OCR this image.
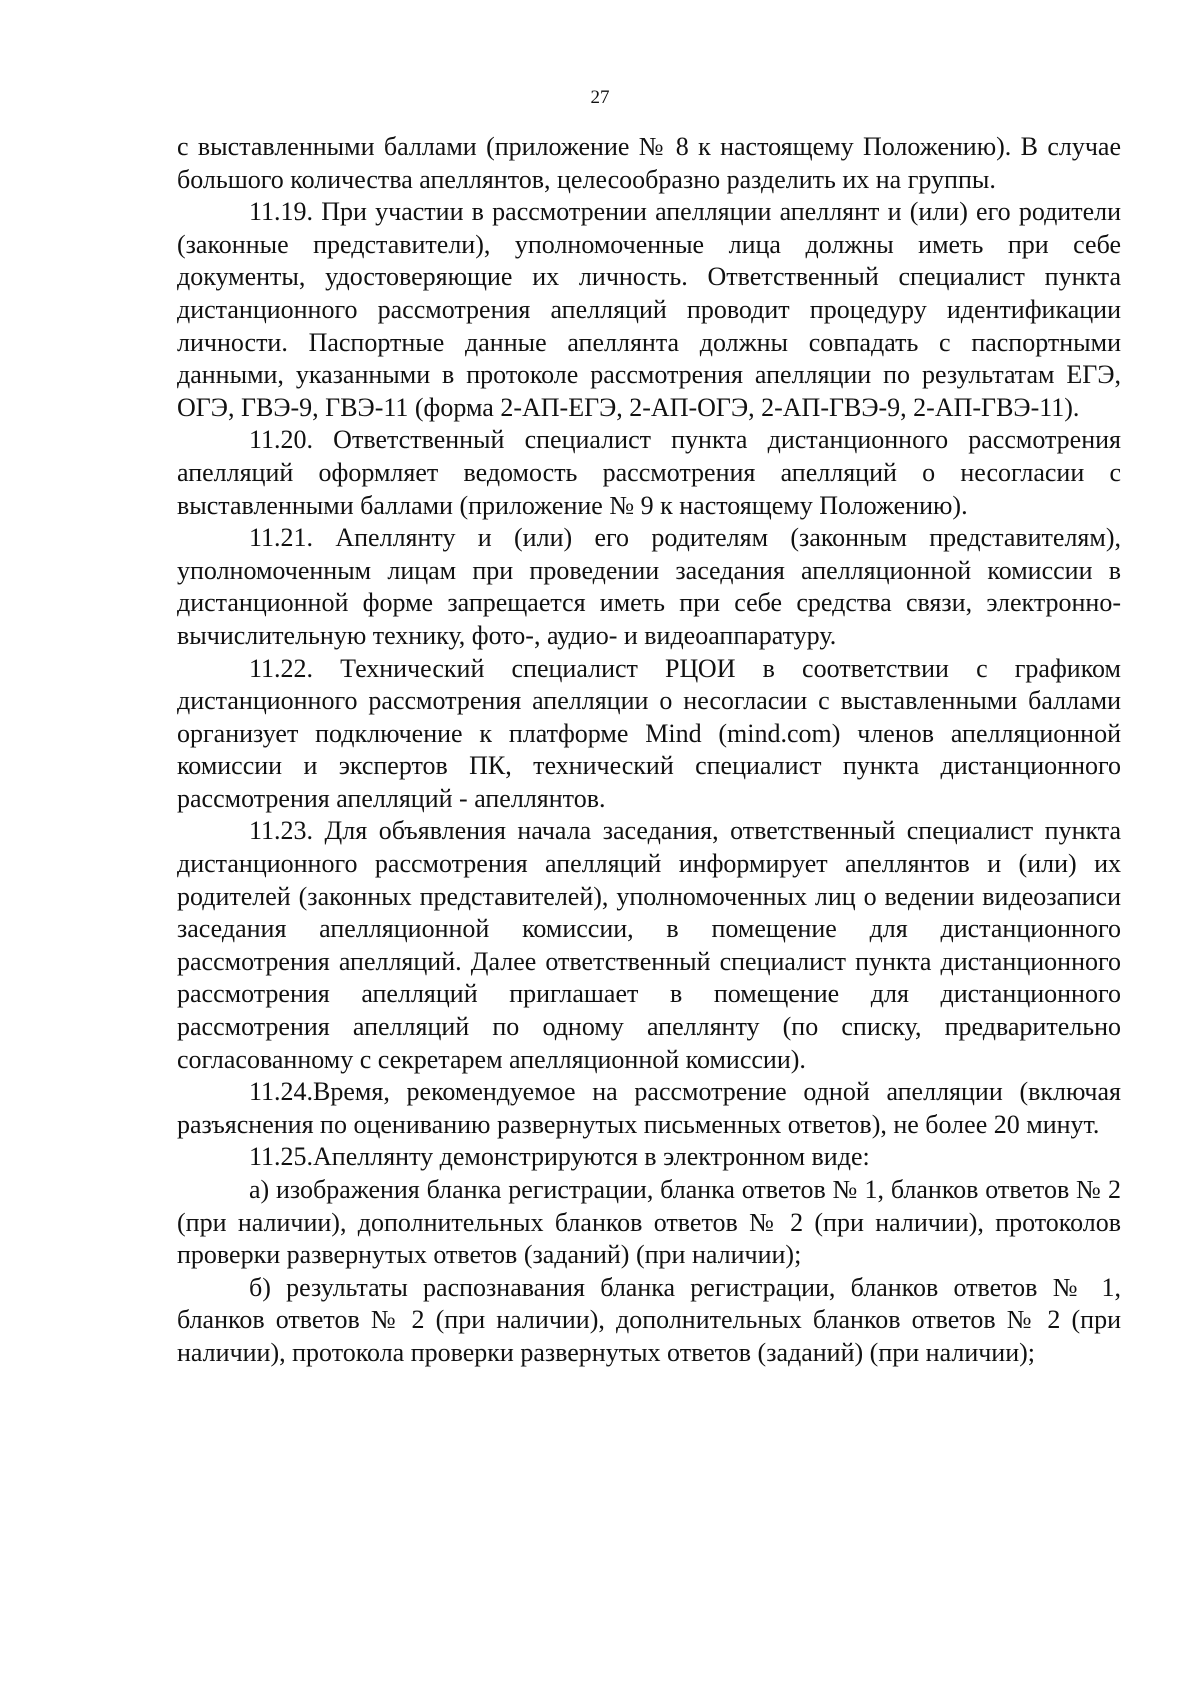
27

с выставленными баллами (приложение № 8 к настоящему Положению). В случае большого количества апеллянтов, целесообразно разделить их на группы.

11.19. При участии в рассмотрении апелляции апеллянт и (или) его родители (законные представители), уполномоченные лица должны иметь при себе документы, удостоверяющие их личность. Ответственный специалист пункта дистанционного рассмотрения апелляций проводит процедуру идентификации личности. Паспортные данные апеллянта должны совпадать с паспортными данными, указанными в протоколе рассмотрения апелляции по результатам ЕГЭ, ОГЭ, ГВЭ-9, ГВЭ-11 (форма 2-АП-ЕГЭ, 2-АП-ОГЭ, 2-АП-ГВЭ-9, 2-АП-ГВЭ-11).

11.20. Ответственный специалист пункта дистанционного рассмотрения апелляций оформляет ведомость рассмотрения апелляций о несогласии с выставленными баллами (приложение № 9 к настоящему Положению).

11.21. Апеллянту и (или) его родителям (законным представителям), уполномоченным лицам при проведении заседания апелляционной комиссии в дистанционной форме запрещается иметь при себе средства связи, электронно-вычислительную технику, фото-, аудио- и видеоаппаратуру.

11.22. Технический специалист РЦОИ в соответствии с графиком дистанционного рассмотрения апелляции о несогласии с выставленными баллами организует подключение к платформе Mind (mind.com) членов апелляционной комиссии и экспертов ПК, технический специалист пункта дистанционного рассмотрения апелляций - апеллянтов.

11.23. Для объявления начала заседания, ответственный специалист пункта дистанционного рассмотрения апелляций информирует апеллянтов и (или) их родителей (законных представителей), уполномоченных лиц о ведении видеозаписи заседания апелляционной комиссии, в помещение для дистанционного рассмотрения апелляций. Далее ответственный специалист пункта дистанционного рассмотрения апелляций приглашает в помещение для дистанционного рассмотрения апелляций по одному апеллянту (по списку, предварительно согласованному с секретарем апелляционной комиссии).

11.24.Время, рекомендуемое на рассмотрение одной апелляции (включая разъяснения по оцениванию развернутых письменных ответов), не более 20 минут.

11.25.Апеллянту демонстрируются в электронном виде:

а) изображения бланка регистрации, бланка ответов № 1, бланков ответов № 2 (при наличии), дополнительных бланков ответов № 2 (при наличии), протоколов проверки развернутых ответов (заданий) (при наличии);

б) результаты распознавания бланка регистрации, бланков ответов № 1, бланков ответов № 2 (при наличии), дополнительных бланков ответов № 2 (при наличии), протокола проверки развернутых ответов (заданий) (при наличии);
